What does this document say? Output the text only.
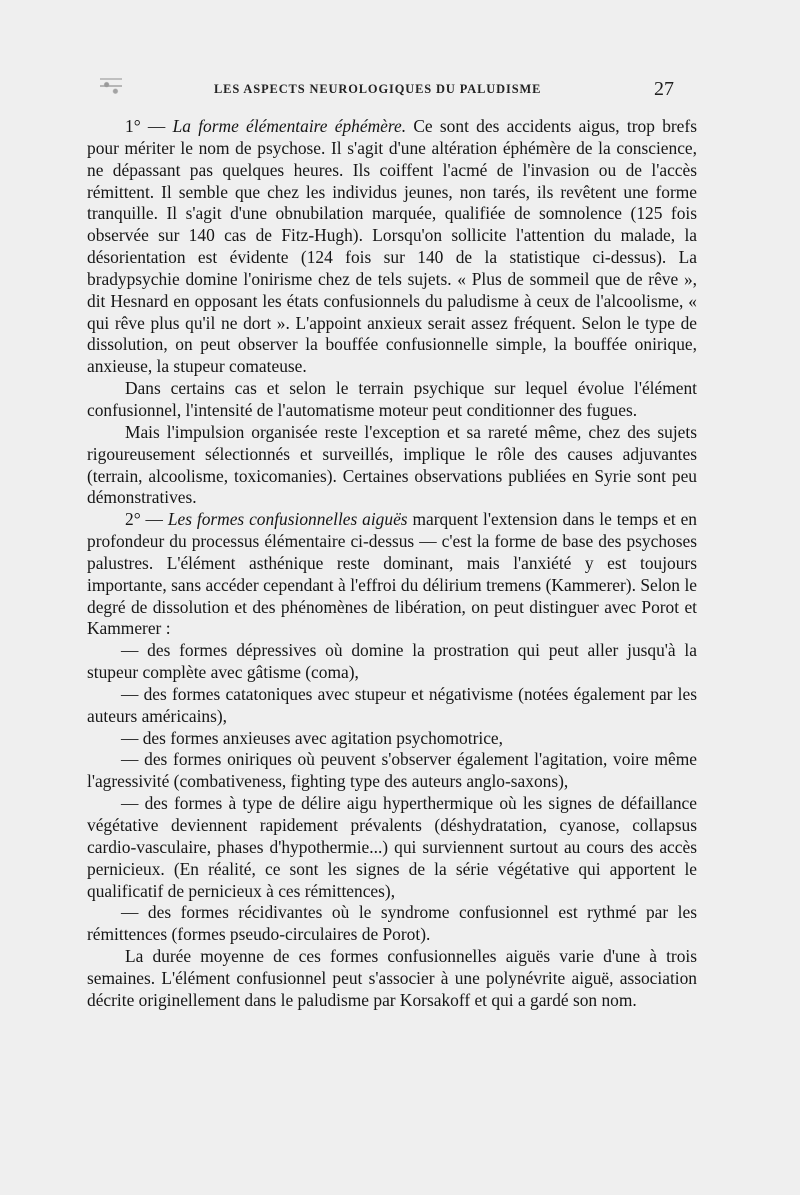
LES ASPECTS NEUROLOGIQUES DU PALUDISME	27

1° — La forme élémentaire éphémère. Ce sont des accidents aigus, trop brefs pour mériter le nom de psychose. Il s'agit d'une altération éphémère de la conscience, ne dépassant pas quelques heures. Ils coiffent l'acmé de l'invasion ou de l'accès rémittent. Il semble que chez les individus jeunes, non tarés, ils revêtent une forme tranquille. Il s'agit d'une obnubilation marquée, qualifiée de somnolence (125 fois observée sur 140 cas de Fitz-Hugh). Lorsqu'on sollicite l'attention du malade, la désorientation est évidente (124 fois sur 140 de la statistique ci-dessus). La bradypsychie domine l'onirisme chez de tels sujets. « Plus de sommeil que de rêve », dit Hesnard en opposant les états confusionnels du paludisme à ceux de l'alcoolisme, « qui rêve plus qu'il ne dort ». L'appoint anxieux serait assez fréquent. Selon le type de dissolution, on peut observer la bouffée confusionnelle simple, la bouffée onirique, anxieuse, la stupeur comateuse.

Dans certains cas et selon le terrain psychique sur lequel évolue l'élément confusionnel, l'intensité de l'automatisme moteur peut conditionner des fugues.

Mais l'impulsion organisée reste l'exception et sa rareté même, chez des sujets rigoureusement sélectionnés et surveillés, implique le rôle des causes adjuvantes (terrain, alcoolisme, toxicomanies). Certaines observations publiées en Syrie sont peu démonstratives.

2° — Les formes confusionnelles aiguës marquent l'extension dans le temps et en profondeur du processus élémentaire ci-dessus — c'est la forme de base des psychoses palustres. L'élément asthénique reste dominant, mais l'anxiété y est toujours importante, sans accéder cependant à l'effroi du délirium tremens (Kammerer). Selon le degré de dissolution et des phénomènes de libération, on peut distinguer avec Porot et Kammerer :

— des formes dépressives où domine la prostration qui peut aller jusqu'à la stupeur complète avec gâtisme (coma),

— des formes catatoniques avec stupeur et négativisme (notées également par les auteurs américains),

— des formes anxieuses avec agitation psychomotrice,

— des formes oniriques où peuvent s'observer également l'agitation, voire même l'agressivité (combativeness, fighting type des auteurs anglo-saxons),

— des formes à type de délire aigu hyperthermique où les signes de défaillance végétative deviennent rapidement prévalents (déshydratation, cyanose, collapsus cardio-vasculaire, phases d'hypothermie...) qui surviennent surtout au cours des accès pernicieux. (En réalité, ce sont les signes de la série végétative qui apportent le qualificatif de pernicieux à ces rémittences),

— des formes récidivantes où le syndrome confusionnel est rythmé par les rémittences (formes pseudo-circulaires de Porot).

La durée moyenne de ces formes confusionnelles aiguës varie d'une à trois semaines. L'élément confusionnel peut s'associer à une polynévrite aiguë, association décrite originellement dans le paludisme par Korsakoff et qui a gardé son nom.
